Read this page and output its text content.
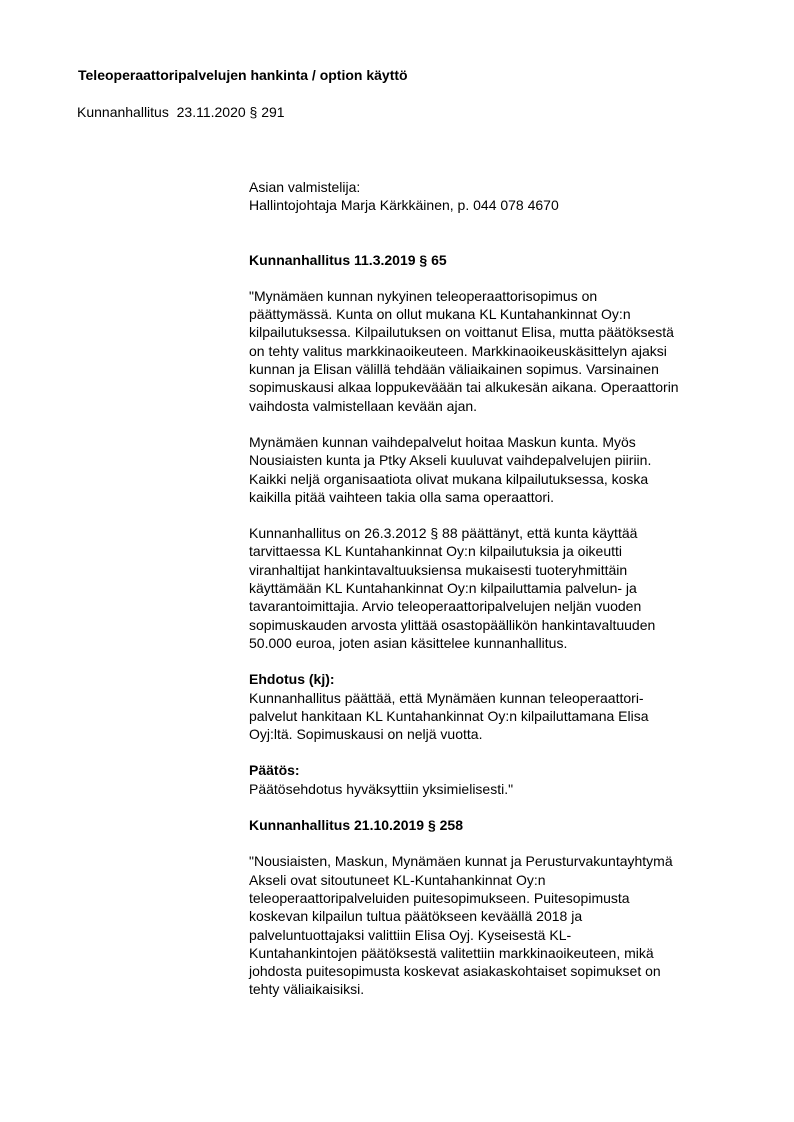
Teleoperaattoripalvelujen hankinta / option käyttö
Kunnanhallitus  23.11.2020 § 291

Asian valmistelija:

Hallintojohtaja Marja Kärkkäinen, p. 044 078 4670

Kunnanhallitus 11.3.2019 § 65

"Mynämäen kunnan nykyinen teleoperaattorisopimus on
päättymässä. Kunta on ollut mukana KL Kuntahankinnat Oy:n
kilpailutuksessa. Kilpailutuksen on voittanut Elisa, mutta päätöksestä
on tehty valitus markkinaoikeuteen. Markkinaoikeuskäsittelyn ajaksi
kunnan ja Elisan välillä tehdään väliaikainen sopimus. Varsinainen
sopimuskausi alkaa loppukeväään tai alkukesän aikana. Operaattorin
vaihdosta valmistellaan kevään ajan.

Mynämäen kunnan vaihdepalvelut hoitaa Maskun kunta. Myös
Nousiaisten kunta ja Ptky Akseli kuuluvat vaihdepalvelujen piiriin.
Kaikki neljä organisaatiota olivat mukana kilpailutuksessa, koska
kaikilla pitää vaihteen takia olla sama operaattori.

Kunnanhallitus on 26.3.2012 § 88 päättänyt, että kunta käyttää
tarvittaessa KL Kuntahankinnat Oy:n kilpailutuksia ja oikeutti
viranhaltijat hankintavaltuuksiensa mukaisesti tuoteryhmittäin
käyttämään KL Kuntahankinnat Oy:n kilpailuttamia palvelun- ja
tavarantoimittajia. Arvio teleoperaattoripalvelujen neljän vuoden
sopimuskauden arvosta ylittää osastopäällikön hankintavaltuuden
50.000 euroa, joten asian käsittelee kunnanhallitus.

Ehdotus (kj):

Kunnanhallitus päättää, että Mynämäen kunnan teleoperaattori-
palvelut hankitaan KL Kuntahankinnat Oy:n kilpailuttamana Elisa
Oyj:ltä. Sopimuskausi on neljä vuotta.

Päätös:

Päätösehdotus hyväksyttiin yksimielisesti."

Kunnanhallitus 21.10.2019 § 258

"Nousiaisten, Maskun, Mynämäen kunnat ja Perusturvakuntayhtymä
Akseli ovat sitoutuneet KL-Kuntahankinnat Oy:n
teleoperaattoripalveluiden puitesopimukseen. Puitesopimusta
koskevan kilpailun tultua päätökseen keväällä 2018 ja
palveluntuottajaksi valittiin Elisa Oyj. Kyseisestä KL-
Kuntahankintojen päätöksestä valitettiin markkinaoikeuteen, mikä
johdosta puitesopimusta koskevat asiakaskohtaiset sopimukset on
tehty väliaikaisiksi.
